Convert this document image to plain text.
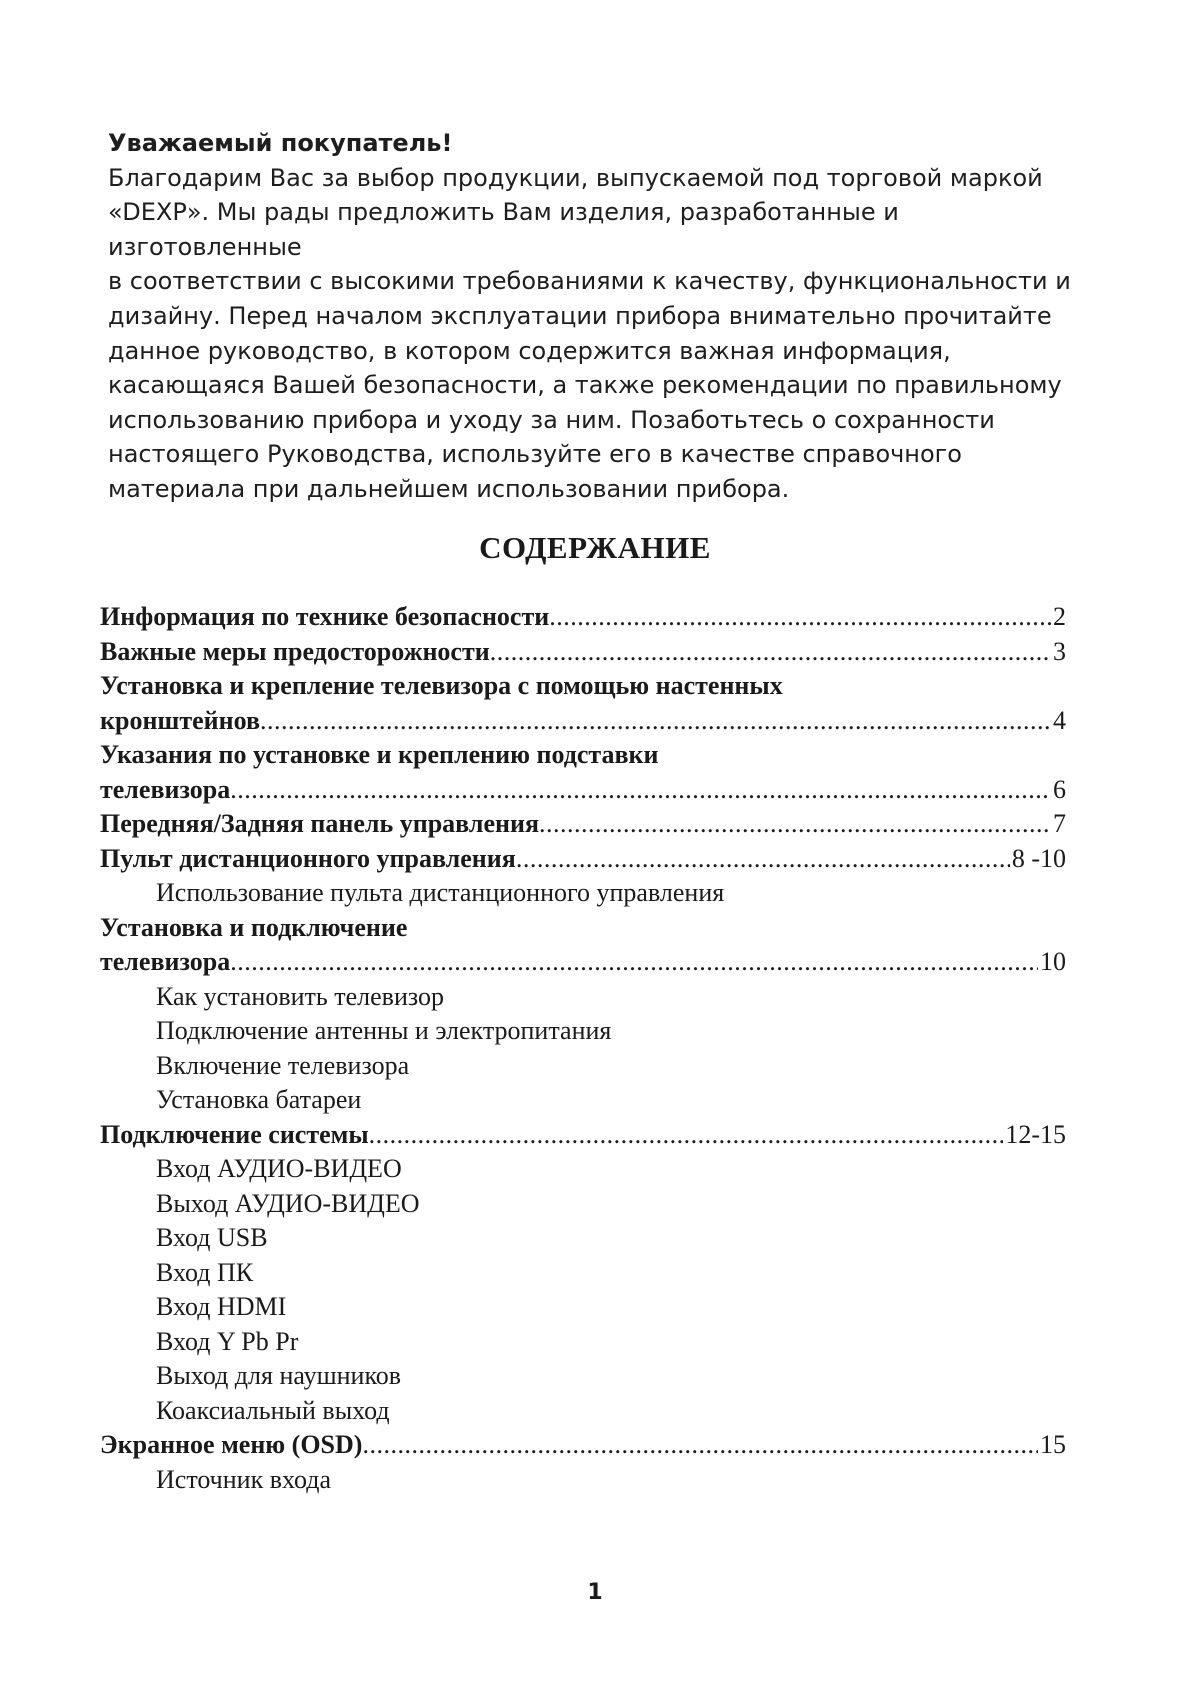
Уважаемый покупатель!
Благодарим Вас за выбор продукции, выпускаемой под торговой маркой
«DEXP». Мы рады предложить Вам изделия, разработанные и изготовленные
в соответствии с высокими требованиями к качеству, функциональности и
дизайну. Перед началом эксплуатации прибора внимательно прочитайте
данное руководство, в котором содержится важная информация,
касающаяся Вашей безопасности, а также рекомендации по правильному
использованию прибора и уходу за ним. Позаботьтесь о сохранности
настоящего Руководства, используйте его в качестве справочного
материала при дальнейшем использовании прибора.
СОДЕРЖАНИЕ
Информация по технике безопасности . . .	2
Важные меры предосторожности . . .	3
Установка и крепление телевизора с помощью настенных
кронштейнов . . .	4
Указания по установке и креплению подставки
телевизора . . .	6
Передняя/Задняя панель управления . . .	7
Пульт дистанционного управления . . .	8 -10
Использование пульта дистанционного управления
Установка и подключение
телевизора . . .	10
Как установить телевизор
Подключение антенны и электропитания
Включение телевизора
Установка батареи
Подключение системы . . .	12-15
Вход АУДИО-ВИДЕО
Выход АУДИО-ВИДЕО
Вход USB
Вход ПК
Вход HDMI
Вход Y Pb Pr
Выход для наушников
Коаксиальный выход
Экранное меню (OSD) . . .	15
Источник входа
1
